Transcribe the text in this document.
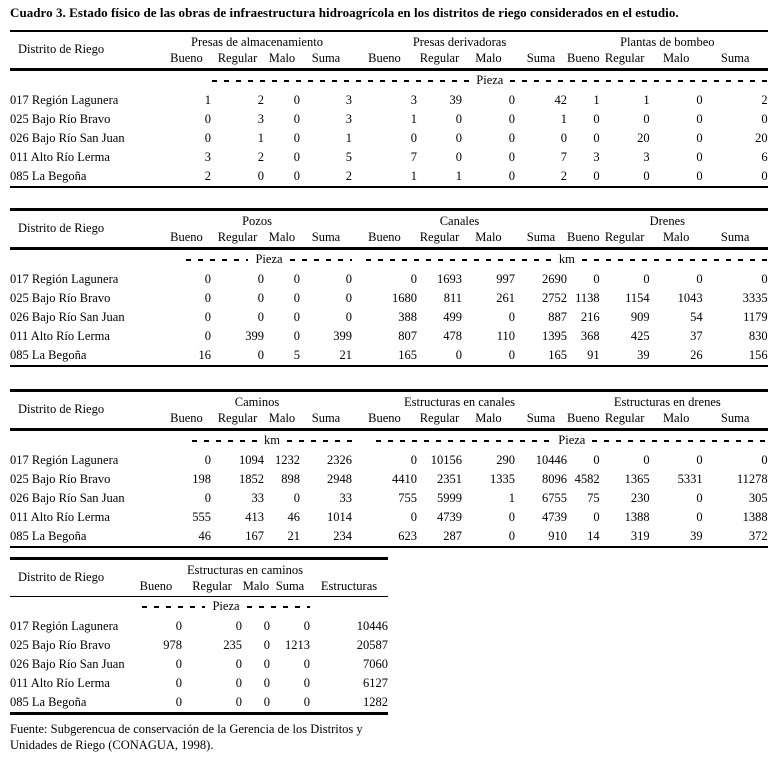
Cuadro 3. Estado físico de las obras de infraestructura hidroagrícola en los distritos de riego considerados en el estudio.
Distrito de Riego	Presas de almacenamiento				Presas derivadoras				Plantas de bombeo			
	Bueno	Regular	Malo	Suma	Bueno	Regular	Malo	Suma	Bueno	Regular	Malo	Suma

	Pieza											

017 Región Lagunera	1	2	0	3	3	39	0	42	1	1	0	2
025 Bajo Río Bravo	0	3	0	3	1	0	0	1	0	0	0	0
026 Bajo Río San Juan	0	1	0	1	0	0	0	0	0	20	0	20
011 Alto Río Lerma	3	2	0	5	7	0	0	7	3	3	0	6
085 La Begoña	2	0	0	2	1	1	0	2	0	0	0	0
Distrito de Riego	Pozos				Canales				Drenes			
	Bueno	Regular	Malo	Suma	Bueno	Regular	Malo	Suma	Bueno	Regular	Malo	Suma

	Pieza				km							

017 Región Lagunera	0	0	0	0	0	1693	997	2690	0	0	0	0
025 Bajo Río Bravo	0	0	0	0	1680	811	261	2752	1138	1154	1043	3335
026 Bajo Río San Juan	0	0	0	0	388	499	0	887	216	909	54	1179
011 Alto Río Lerma	0	399	0	399	807	478	110	1395	368	425	37	830
085 La Begoña	16	0	5	21	165	0	0	165	91	39	26	156
Distrito de Riego	Caminos				Estructuras en canales				Estructuras en drenes			
	Bueno	Regular	Malo	Suma	Bueno	Regular	Malo	Suma	Bueno	Regular	Malo	Suma

	km				Pieza							

017 Región Lagunera	0	1094	1232	2326	0	10156	290	10446	0	0	0	0
025 Bajo Río Bravo	198	1852	898	2948	4410	2351	1335	8096	4582	1365	5331	11278
026 Bajo Río San Juan	0	33	0	33	755	5999	1	6755	75	230	0	305
011 Alto Río Lerma	555	413	46	1014	0	4739	0	4739	0	1388	0	1388
085 La Begoña	46	167	21	234	623	287	0	910	14	319	39	372
Distrito de Riego	Estructuras en caminos				
	Bueno	Regular	Malo	Suma	Estructuras

	Pieza				

017 Región Lagunera	0	0	0	0	10446
025 Bajo Río Bravo	978	235	0	1213	20587
026 Bajo Río San Juan	0	0	0	0	7060
011 Alto Río Lerma	0	0	0	0	6127
085 La Begoña	0	0	0	0	1282
Fuente: Subgerencua de conservación de la Gerencia de los Distritos y
Unidades de Riego (CONAGUA, 1998).
